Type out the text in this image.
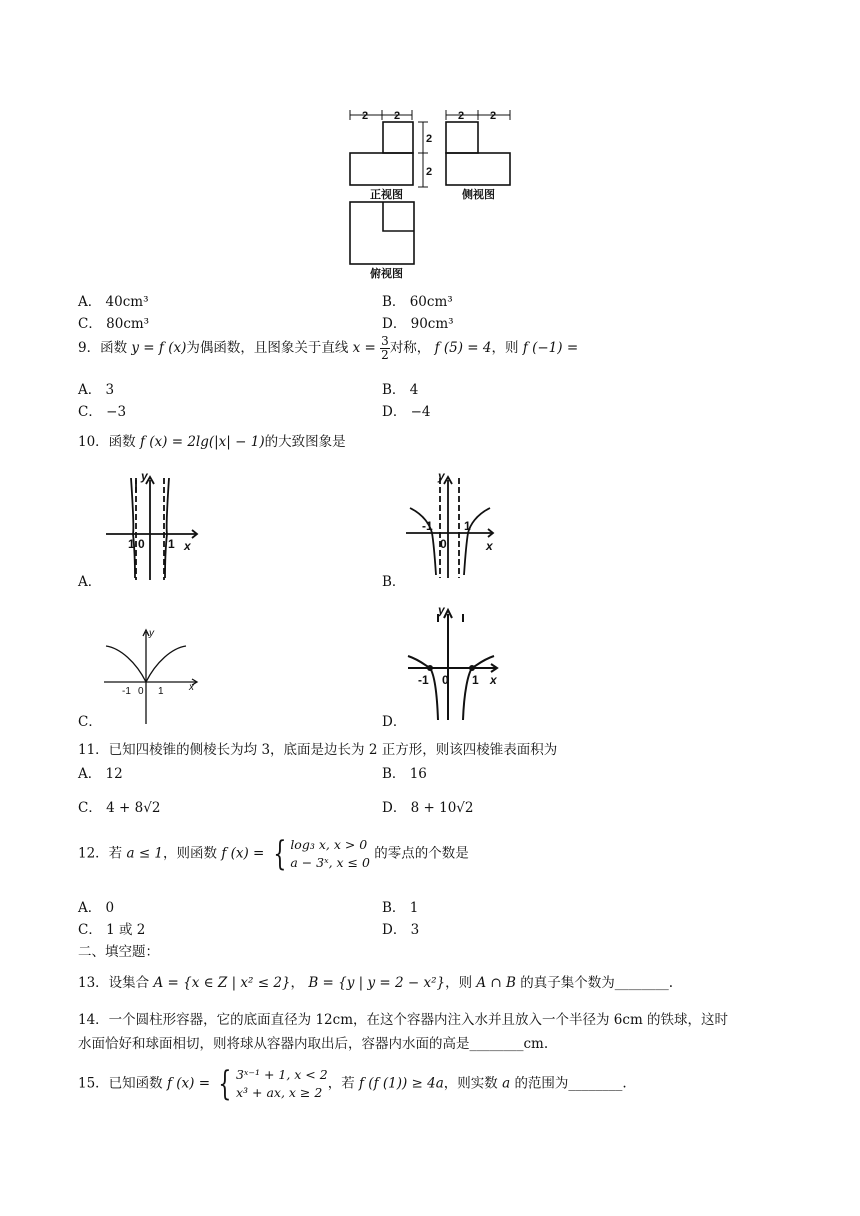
2 2	2 2
2
2
正视图	侧视图
俯视图
A． 40cm³	B． 60cm³
C． 80cm³	D． 90cm³
9．函数 y = f (x)为偶函数，且图象关于直线 $x = \frac{3}{2}$ 对称， f (5) = 4，则 f (−1) =
A． 3	B． 4
C． −3	D． −4
10．函数 f (x) = 2lg(|x| − 1)的大致图象是
y
x
1 0 1
A．
y
x
-1
0
1
B．
y
x
-1 0 1
C．
y
x
-1 0 1
D．
11．已知四棱锥的侧棱长为均 3，底面是边长为 2 正方形，则该四棱锥表面积为
A． 12	B． 16
C． 4 + 8√2	D． 8 + 10√2
12．若 a ≤ 1，则函数 f (x) = { log₃ x, x > 0
a − 3ˣ, x ≤ 0 的零点的个数是
A． 0	B． 1
C． 1 或 2	D． 3
二、填空题：
13．设集合 A = {x ∈ Z | x² ≤ 2}， B = {y | y = 2 − x²}，则 A ∩ B 的真子集个数为________.
14．一个圆柱形容器，它的底面直径为 12cm，在这个容器内注入水并且放入一个半径为 6cm 的铁球，这时
水面恰好和球面相切，则将球从容器内取出后，容器内水面的高是________cm.
15．已知函数 f (x) = { 3ˣ⁻¹ + 1, x < 2
x³ + ax, x ≥ 2，若 f (f (1)) ≥ 4a，则实数 a 的范围为________.
